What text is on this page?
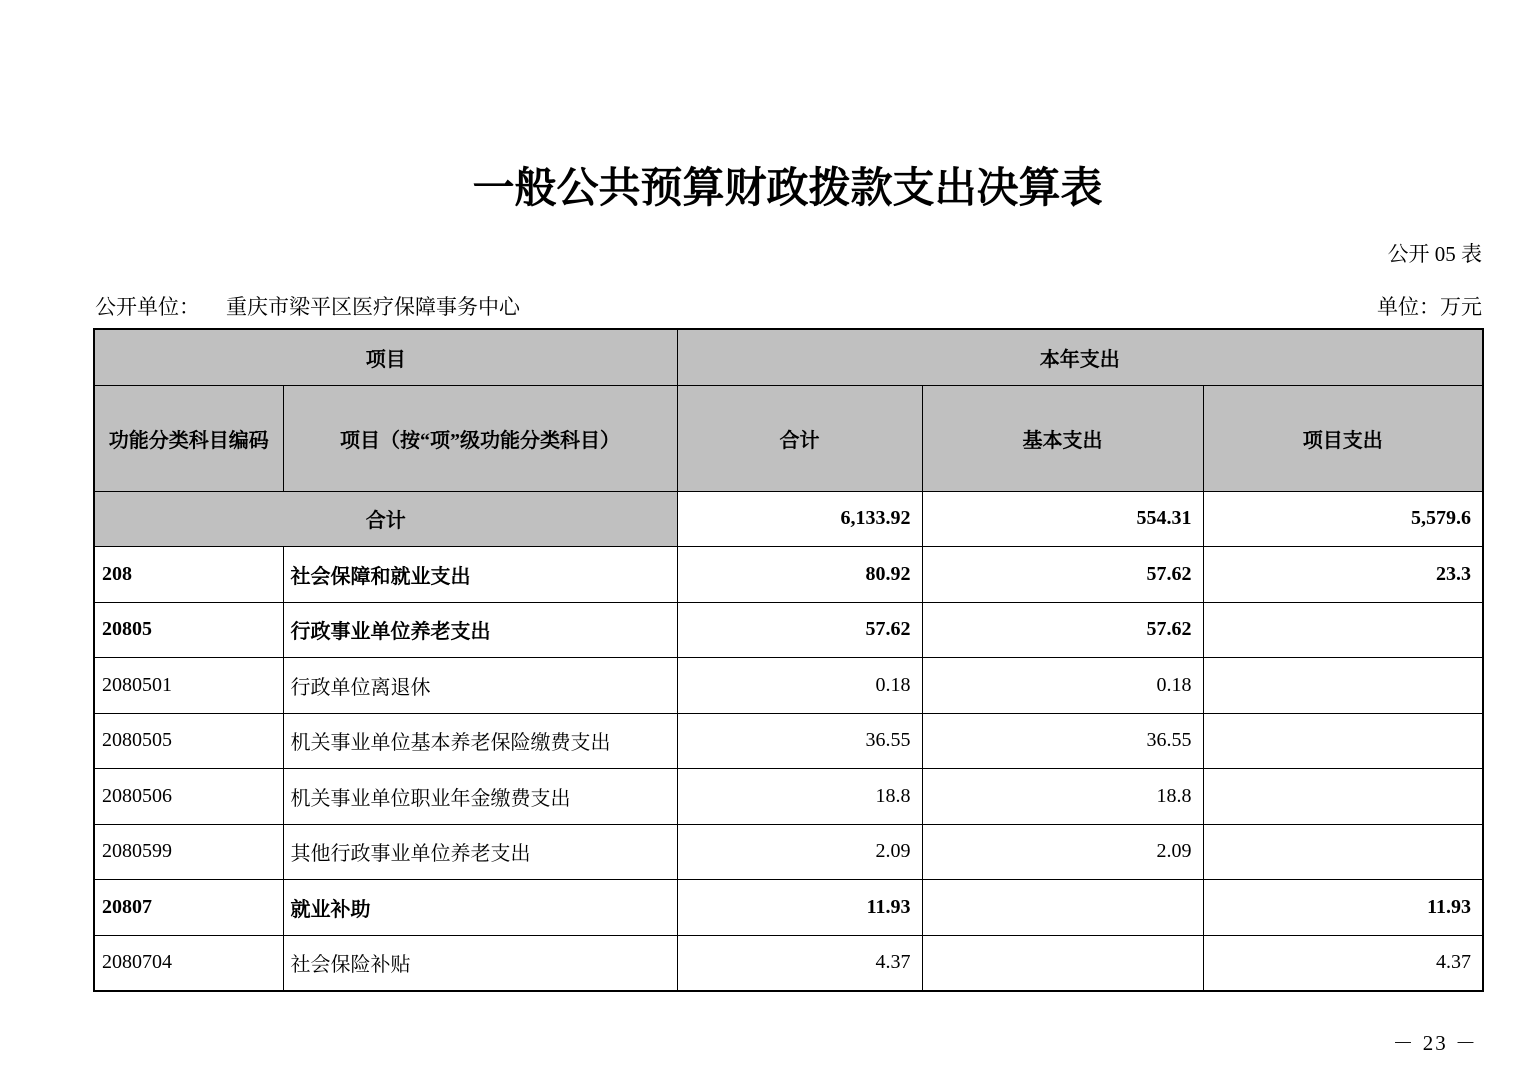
一般公共预算财政拨款支出决算表
公开 05 表
公开单位： 重庆市梁平区医疗保障事务中心	单位：万元
项目		本年支出		
功能分类科目编码	项目（按“项”级功能分类科目）	合计	基本支出	项目支出
合计		6,133.92	554.31	5,579.6
208	社会保障和就业支出	80.92	57.62	23.3
20805	行政事业单位养老支出	57.62	57.62	
2080501	行政单位离退休	0.18	0.18	
2080505	机关事业单位基本养老保险缴费支出	36.55	36.55	
2080506	机关事业单位职业年金缴费支出	18.8	18.8	
2080599	其他行政事业单位养老支出	2.09	2.09	
20807	就业补助	11.93		11.93
2080704	社会保险补贴	4.37		4.37
－ 23 －
